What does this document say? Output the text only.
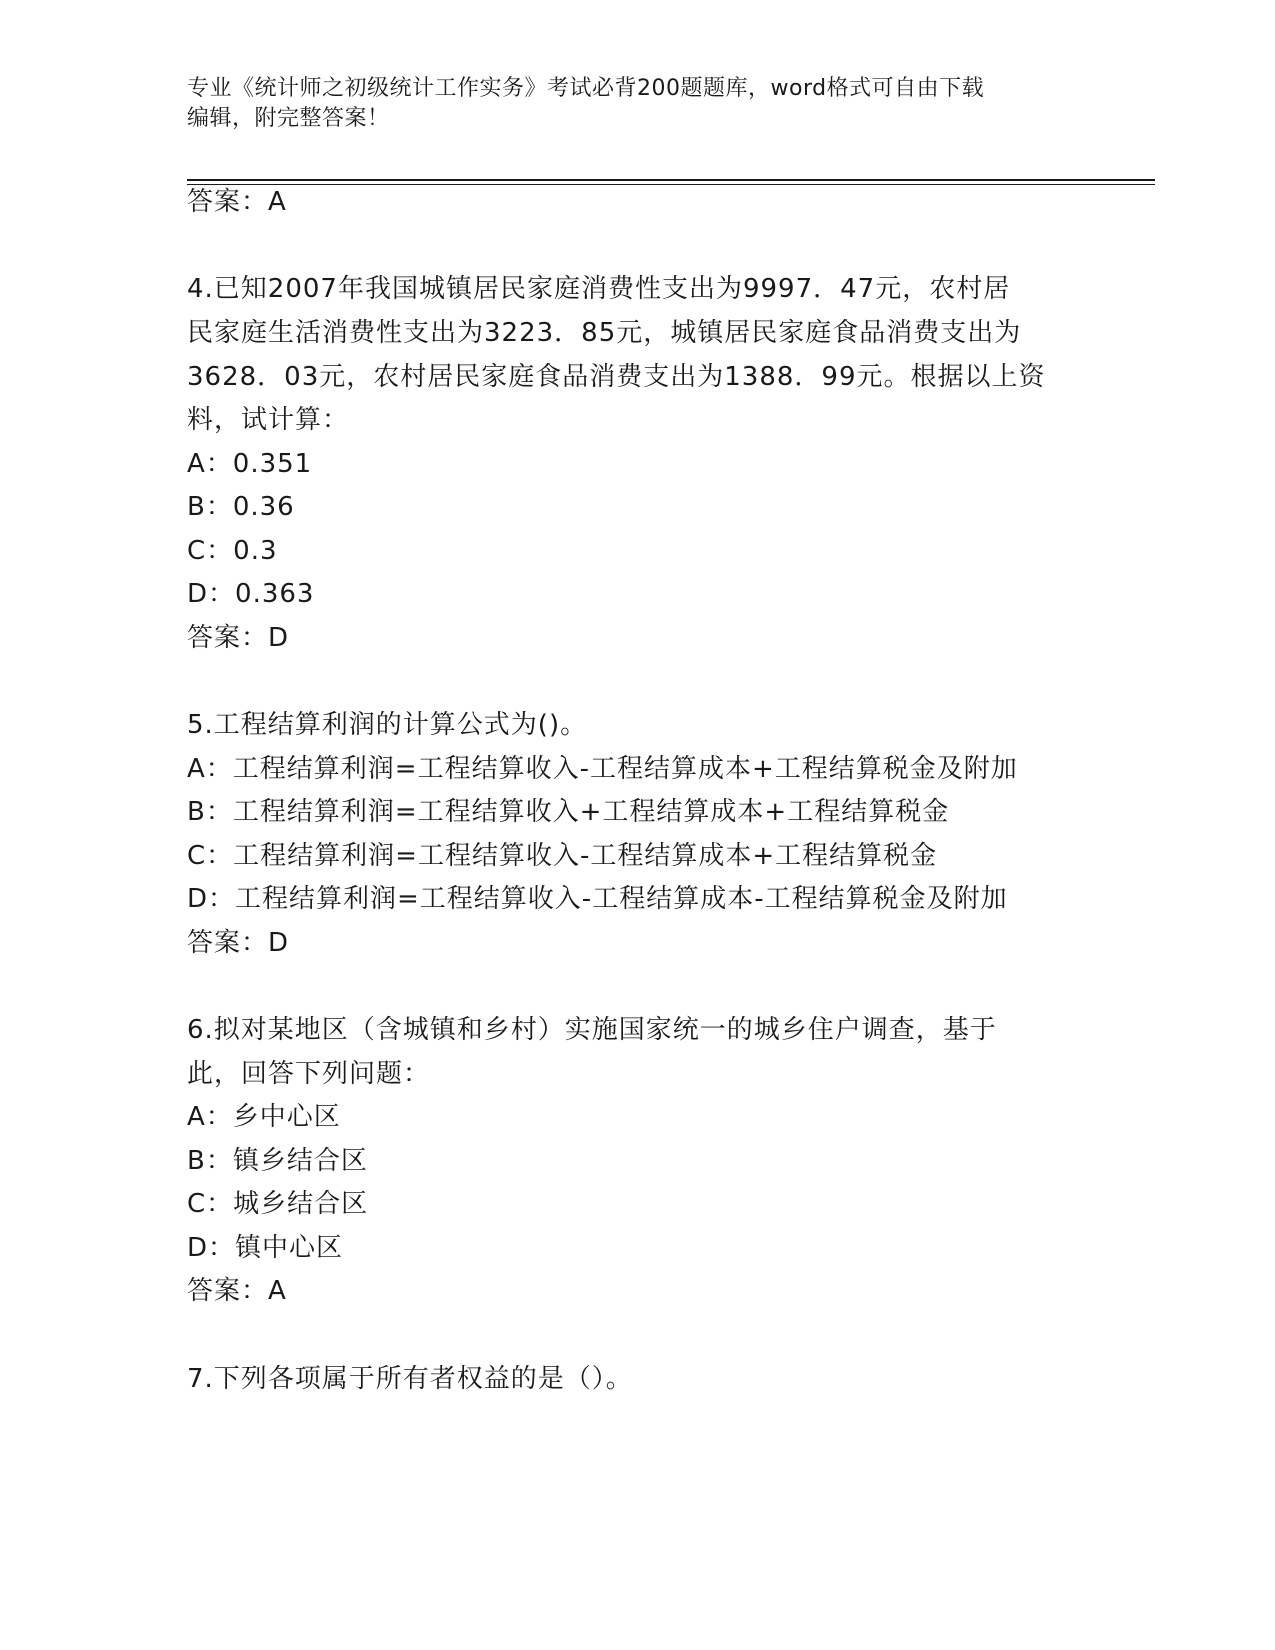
专业《统计师之初级统计工作实务》考试必背200题题库，word格式可自由下载
编辑，附完整答案！
答案：A
4.已知2007年我国城镇居民家庭消费性支出为9997．47元，农村居
民家庭生活消费性支出为3223．85元，城镇居民家庭食品消费支出为
3628．03元，农村居民家庭食品消费支出为1388．99元。根据以上资
料，试计算：
A：0.351
B：0.36
C：0.3
D：0.363
答案：D
5.工程结算利润的计算公式为()。
A：工程结算利润=工程结算收入-工程结算成本+工程结算税金及附加
B：工程结算利润=工程结算收入+工程结算成本+工程结算税金
C：工程结算利润=工程结算收入-工程结算成本+工程结算税金
D：工程结算利润=工程结算收入-工程结算成本-工程结算税金及附加
答案：D
6.拟对某地区（含城镇和乡村）实施国家统一的城乡住户调查，基于
此，回答下列问题：
A：乡中心区
B：镇乡结合区
C：城乡结合区
D：镇中心区
答案：A
7.下列各项属于所有者权益的是（）。
